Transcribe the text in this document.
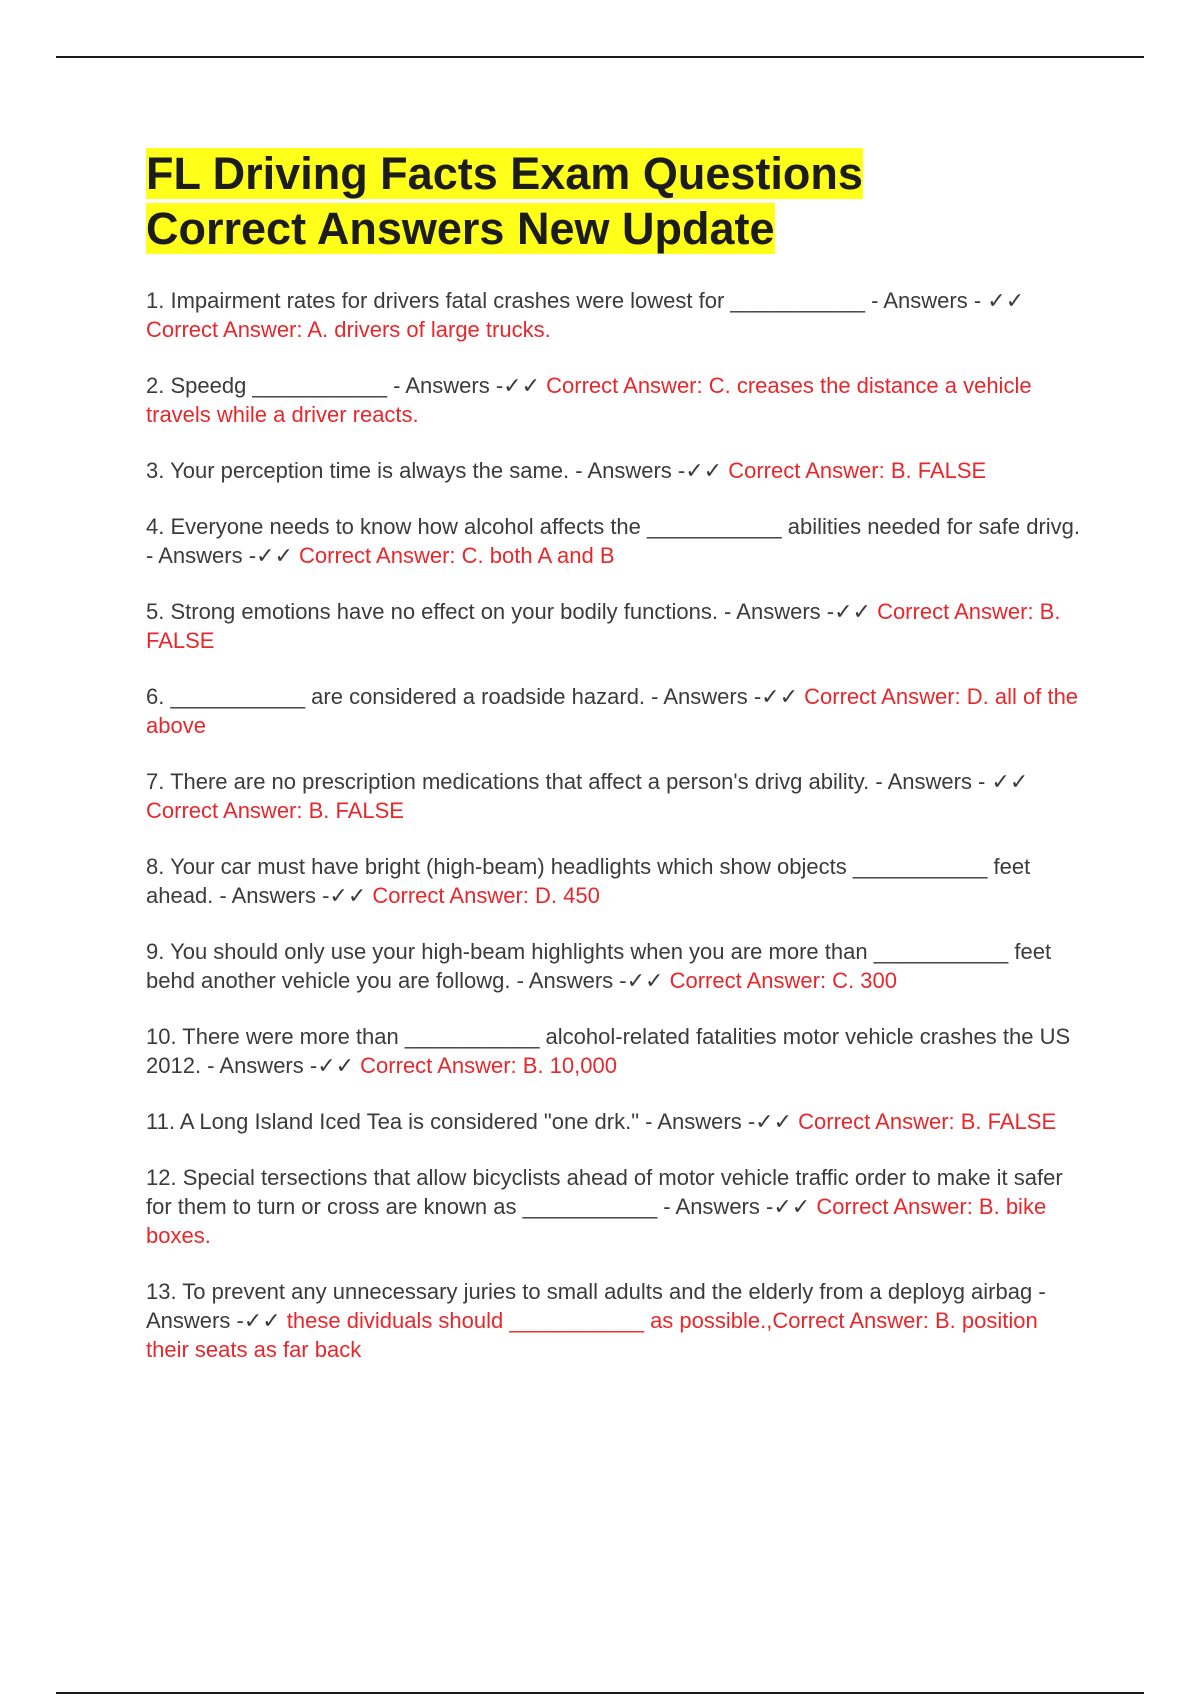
FL Driving Facts Exam Questions
Correct Answers New Update
1. Impairment rates for drivers fatal crashes were lowest for ___________ - Answers - ✓✓ Correct Answer: A. drivers of large trucks.
2. Speedg ___________ - Answers -✓✓ Correct Answer: C. creases the distance a vehicle travels while a driver reacts.
3. Your perception time is always the same. - Answers -✓✓ Correct Answer: B. FALSE
4. Everyone needs to know how alcohol affects the ___________ abilities needed for safe drivg. - Answers -✓✓ Correct Answer: C. both A and B
5. Strong emotions have no effect on your bodily functions. - Answers -✓✓ Correct Answer: B. FALSE
6. ___________ are considered a roadside hazard. - Answers -✓✓ Correct Answer: D. all of the above
7. There are no prescription medications that affect a person's drivg ability. - Answers - ✓✓ Correct Answer: B. FALSE
8. Your car must have bright (high-beam) headlights which show objects ___________ feet ahead. - Answers -✓✓ Correct Answer: D. 450
9. You should only use your high-beam highlights when you are more than ___________ feet behd another vehicle you are followg. - Answers -✓✓ Correct Answer: C. 300
10. There were more than ___________ alcohol-related fatalities motor vehicle crashes the US 2012. - Answers -✓✓ Correct Answer: B. 10,000
11. A Long Island Iced Tea is considered "one drk." - Answers -✓✓ Correct Answer: B. FALSE
12. Special tersections that allow bicyclists ahead of motor vehicle traffic order to make it safer for them to turn or cross are known as ___________ - Answers -✓✓ Correct Answer: B. bike boxes.
13. To prevent any unnecessary juries to small adults and the elderly from a deployg airbag - Answers -✓✓ these dividuals should ___________ as possible.,Correct Answer: B. position their seats as far back
